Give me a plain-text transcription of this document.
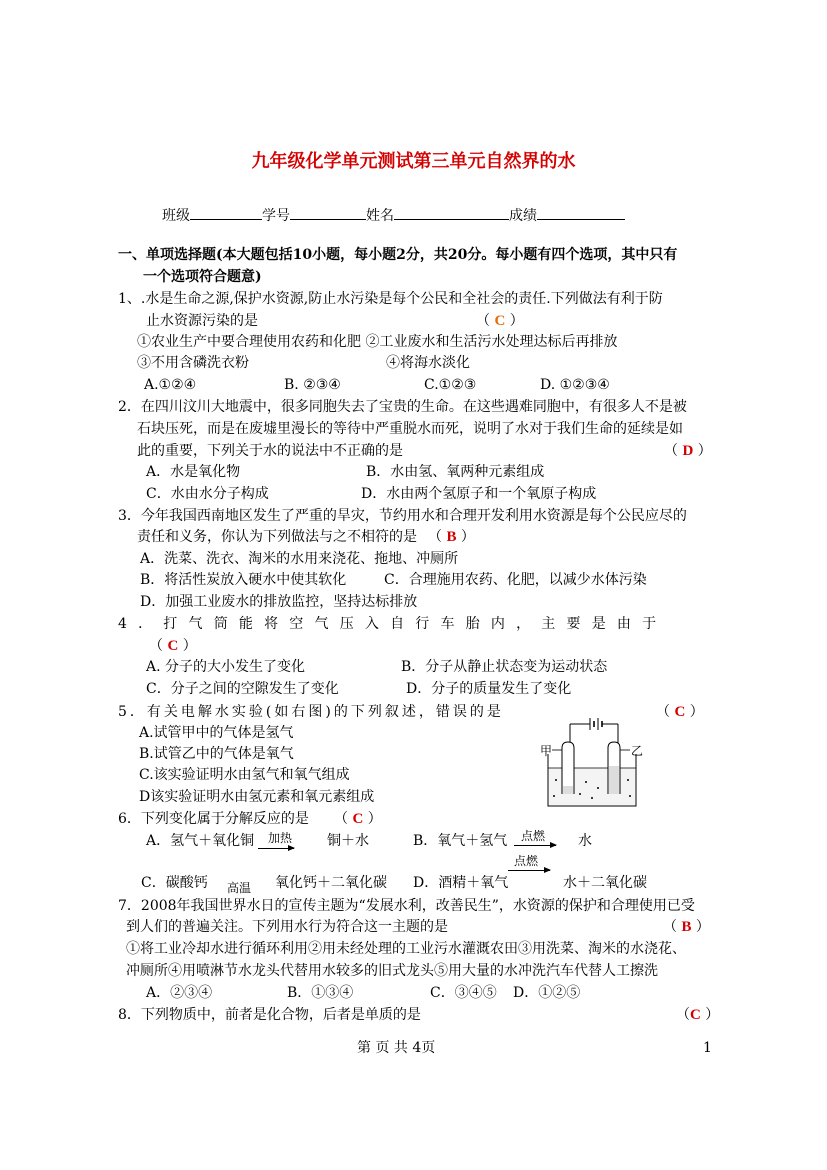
九年级化学单元测试第三单元自然界的水
班级	学号	姓名	成绩
一、单项选择题(本大题包括10小题，每小题2分，共20分。每小题有四个选项，其中只有
一个选项符合题意)
1、.水是生命之源,保护水资源,防止水污染是每个公民和全社会的责任.下列做法有利于防
止水资源污染的是	（ C ）
①农业生产中要合理使用农药和化肥 ②工业废水和生活污水处理达标后再排放
③不用含磷洗衣粉	④将海水淡化
A.①②④	B. ②③④	C.①②③	D. ①②③④
2．在四川汶川大地震中，很多同胞失去了宝贵的生命。在这些遇难同胞中，有很多人不是被
石块压死，而是在废墟里漫长的等待中严重脱水而死，说明了水对于我们生命的延续是如
此的重要，下列关于水的说法中不正确的是	（ D ）
A．水是氧化物	B．水由氢、氧两种元素组成
C．水由水分子构成	D．水由两个氢原子和一个氧原子构成
3．今年我国西南地区发生了严重的旱灾，节约用水和合理开发利用水资源是每个公民应尽的
责任和义务，你认为下列做法与之不相符的是 （ B ）
A．洗菜、洗衣、淘米的水用来浇花、拖地、冲厕所
B．将活性炭放入硬水中使其软化	C．合理施用农药、化肥，以减少水体污染
D．加强工业废水的排放监控，坚持达标排放
4．打气筒能将空气压入自行车胎内，主要是由于
（ C ）
A. 分子的大小发生了变化	B．分子从静止状态变为运动状态
C．分子之间的空隙发生了变化	D．分子的质量发生了变化
5．有关电解水实验(如右图)的下列叙述，错误的是	（ C ）
A.试管甲中的气体是氢气
B.试管乙中的气体是氧气
C.该实验证明水由氢气和氧气组成
D该实验证明水由氢元素和氧元素组成
甲	乙
6．下列变化属于分解反应的是 （ C ）
A．氢气＋氧化铜 加热 铜＋水	B．氧气＋氢气 点燃 水
点燃
C．碳酸钙 高温 氧化钙＋二氧化碳 D．酒精＋氧气	水＋二氧化碳
7．2008年我国世界水日的宣传主题为“发展水利，改善民生”，水资源的保护和合理使用已受
到人们的普遍关注。下列用水行为符合这一主题的是	（ B ）
①将工业冷却水进行循环利用②用未经处理的工业污水灌溉农田③用洗菜、淘米的水浇花、
冲厕所④用喷淋节水龙头代替用水较多的旧式龙头⑤用大量的水冲洗汽车代替人工擦洗
A．②③④	B．①③④	C．③④⑤ D．①②⑤
8．下列物质中，前者是化合物，后者是单质的是	（C ）
第 页 共 4页	1
